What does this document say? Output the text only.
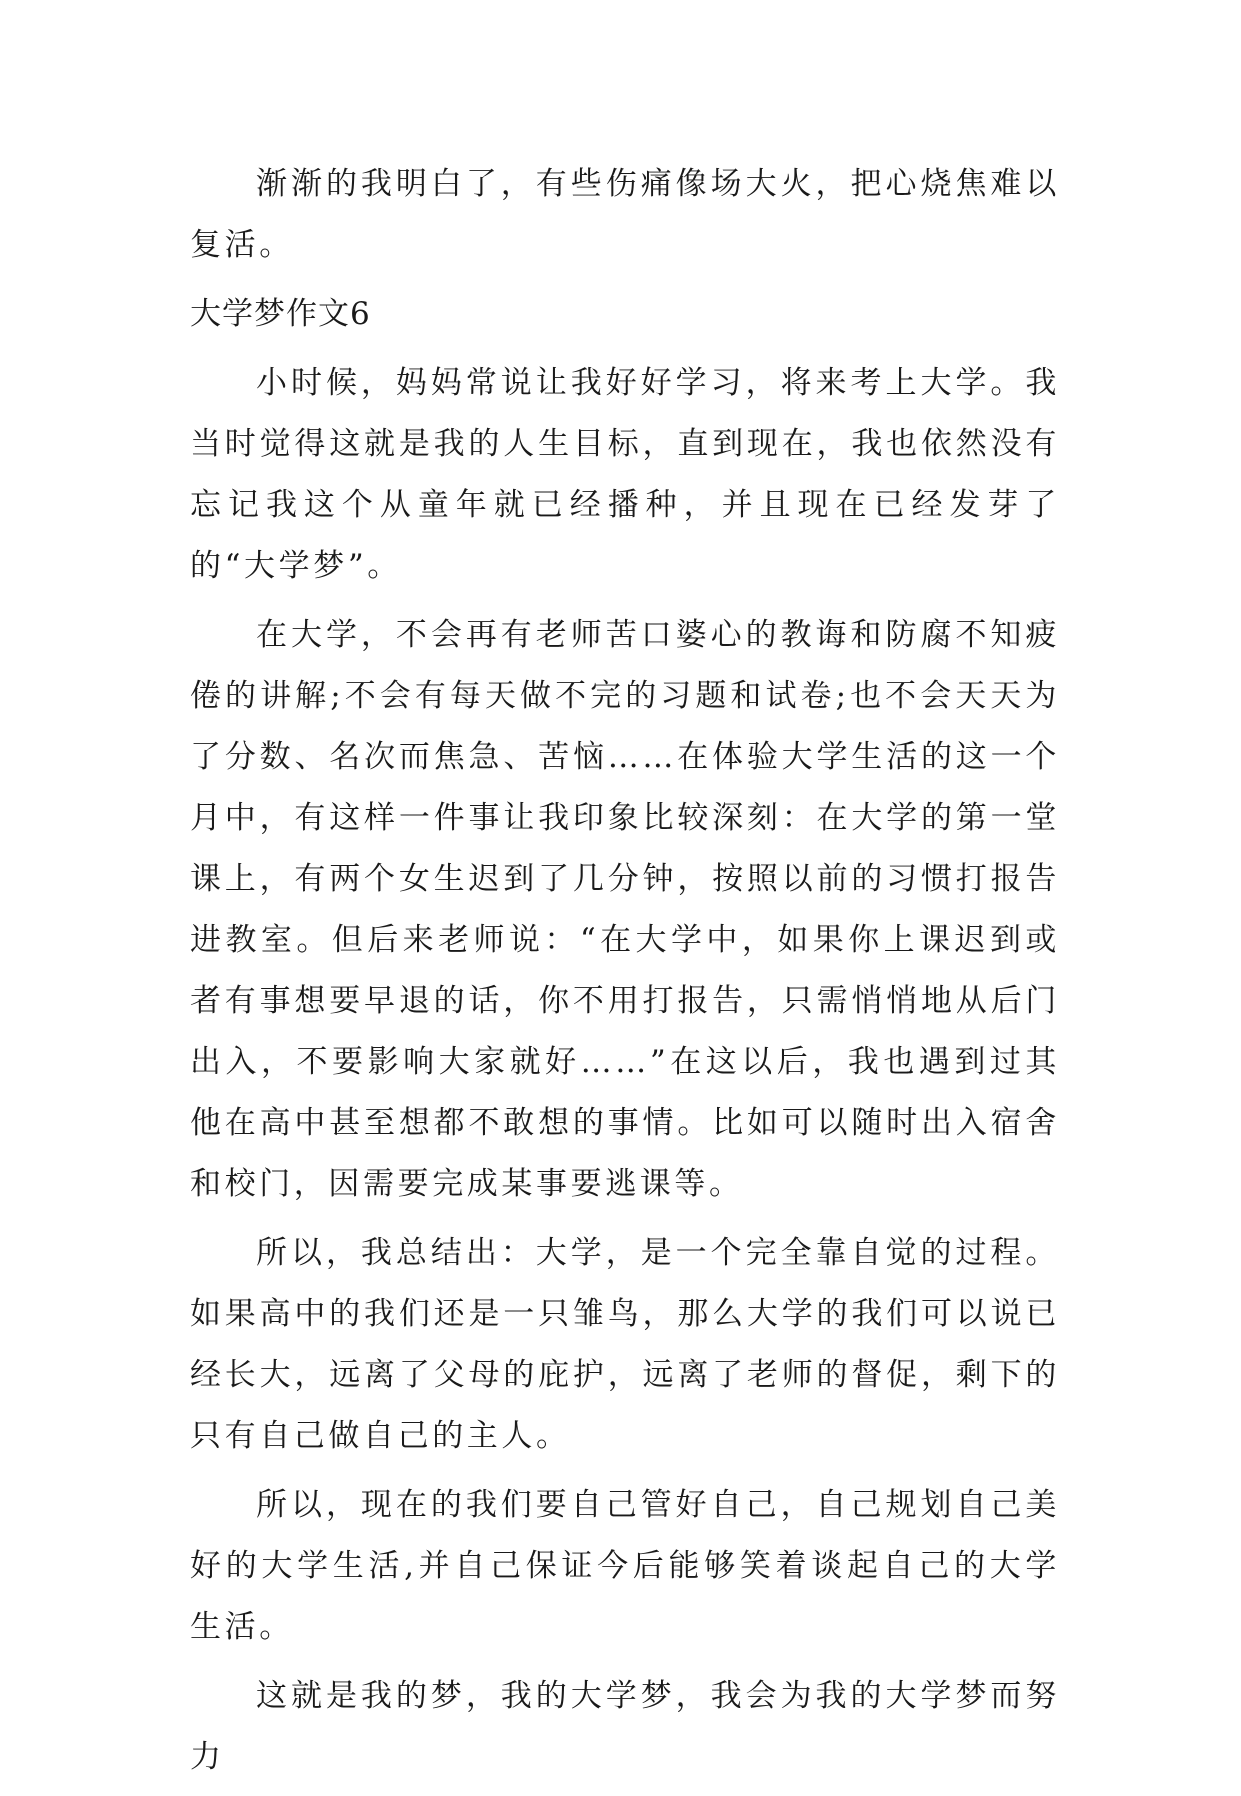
渐渐的我明白了，有些伤痛像场大火，把心烧焦难以复活。

大学梦作文6

小时候，妈妈常说让我好好学习，将来考上大学。我当时觉得这就是我的人生目标，直到现在，我也依然没有忘记我这个从童年就已经播种，并且现在已经发芽了的“大学梦”。

在大学，不会再有老师苦口婆心的教诲和防腐不知疲倦的讲解;不会有每天做不完的习题和试卷;也不会天天为了分数、名次而焦急、苦恼……在体验大学生活的这一个月中，有这样一件事让我印象比较深刻：在大学的第一堂课上，有两个女生迟到了几分钟，按照以前的习惯打报告进教室。但后来老师说：“在大学中，如果你上课迟到或者有事想要早退的话，你不用打报告，只需悄悄地从后门出入，不要影响大家就好……”在这以后，我也遇到过其他在高中甚至想都不敢想的事情。比如可以随时出入宿舍和校门，因需要完成某事要逃课等。

所以，我总结出：大学，是一个完全靠自觉的过程。如果高中的我们还是一只雏鸟，那么大学的我们可以说已经长大，远离了父母的庇护，远离了老师的督促，剩下的只有自己做自己的主人。

所以，现在的我们要自己管好自己，自己规划自己美好的大学生活,并自己保证今后能够笑着谈起自己的大学生活。

这就是我的梦，我的大学梦，我会为我的大学梦而努力
